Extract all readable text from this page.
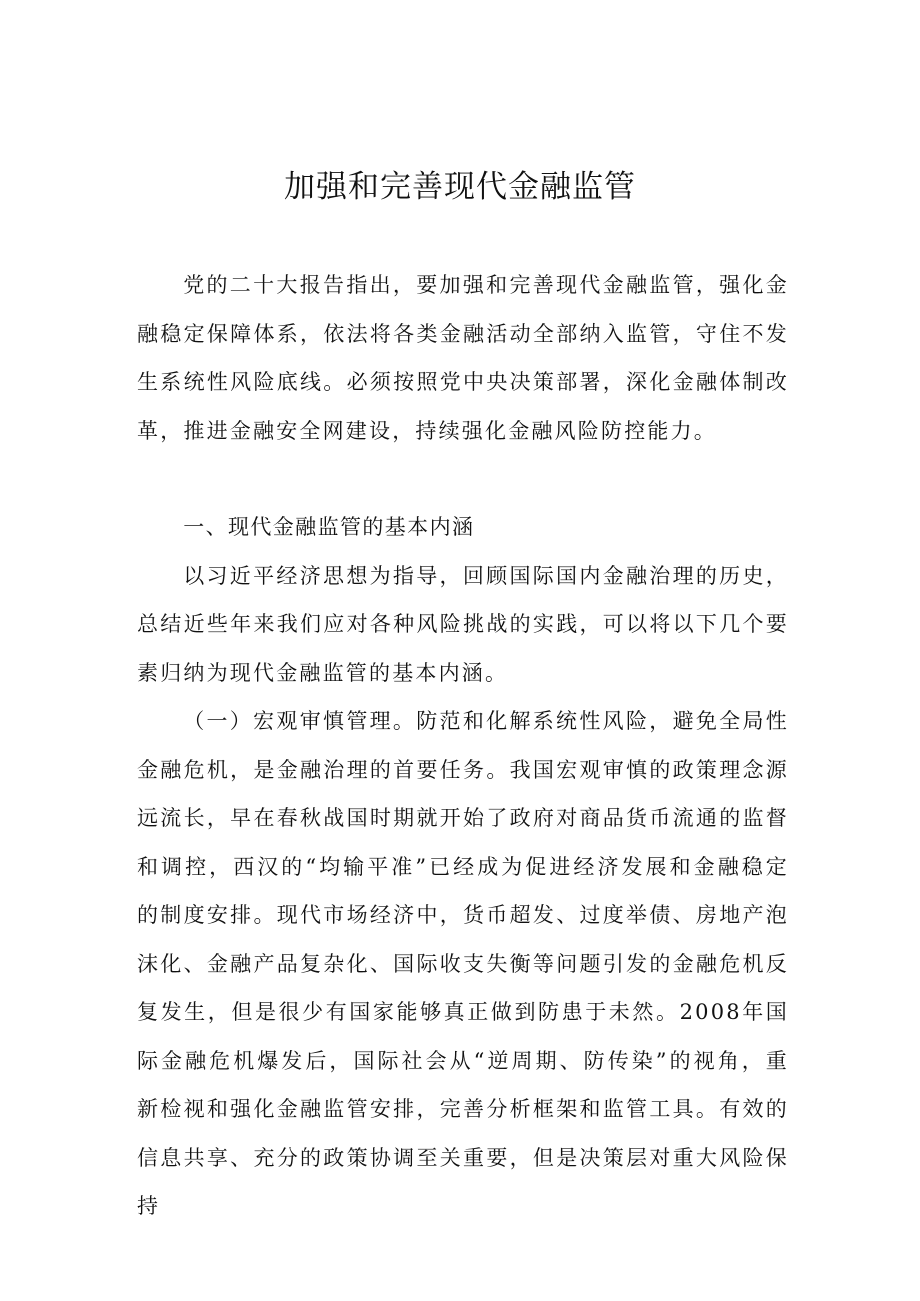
加强和完善现代金融监管

党的二十大报告指出，要加强和完善现代金融监管，强化金融稳定保障体系，依法将各类金融活动全部纳入监管，守住不发生系统性风险底线。必须按照党中央决策部署，深化金融体制改革，推进金融安全网建设，持续强化金融风险防控能力。

一、现代金融监管的基本内涵

以习近平经济思想为指导，回顾国际国内金融治理的历史，总结近些年来我们应对各种风险挑战的实践，可以将以下几个要素归纳为现代金融监管的基本内涵。

（一）宏观审慎管理。防范和化解系统性风险，避免全局性金融危机，是金融治理的首要任务。我国宏观审慎的政策理念源远流长，早在春秋战国时期就开始了政府对商品货币流通的监督和调控，西汉的“均输平准”已经成为促进经济发展和金融稳定的制度安排。现代市场经济中，货币超发、过度举债、房地产泡沫化、金融产品复杂化、国际收支失衡等问题引发的金融危机反复发生，但是很少有国家能够真正做到防患于未然。2008年国际金融危机爆发后，国际社会从“逆周期、防传染”的视角，重新检视和强化金融监管安排，完善分析框架和监管工具。有效的信息共享、充分的政策协调至关重要，但是决策层对重大风险保持
